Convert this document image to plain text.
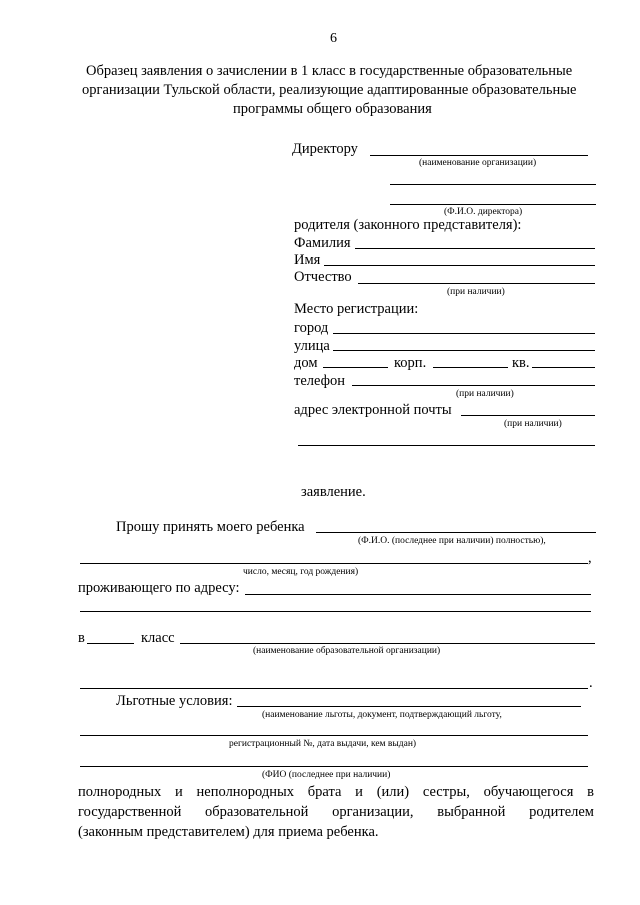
6
Образец заявления о зачислении в 1 класс в государственные образовательные
организации Тульской области, реализующие адаптированные образовательные
программы общего образования
Директору
(наименование организации)
(Ф.И.О. директора)
родителя (законного представителя):
Фамилия
Имя
Отчество
(при наличии)
Место регистрации:
город
улица
дом	корп.	кв.
телефон
(при наличии)
адрес электронной почты
(при наличии)
заявление.
Прошу принять моего ребенка
(Ф.И.О. (последнее при наличии) полностью),
,
число, месяц, год рождения)
проживающего по адресу:
в	класс
(наименование образовательной организации)
.
Льготные условия:
(наименование льготы, документ, подтверждающий льготу,
регистрационный №, дата выдачи, кем выдан)
(ФИО (последнее при наличии)
полнородных и неполнородных брата и (или) сестры, обучающегося в
государственной образовательной организации, выбранной родителем
(законным представителем) для приема ребенка.
